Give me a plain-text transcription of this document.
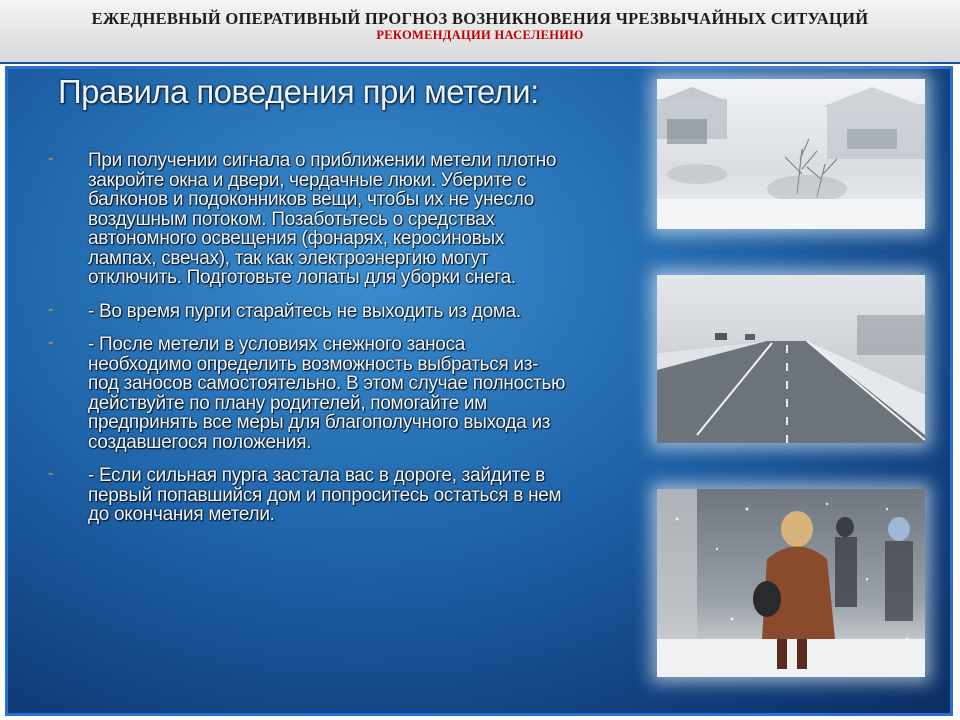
ЕЖЕДНЕВНЫЙ ОПЕРАТИВНЫЙ ПРОГНОЗ ВОЗНИКНОВЕНИЯ ЧРЕЗВЫЧАЙНЫХ СИТУАЦИЙ
РЕКОМЕНДАЦИИ НАСЕЛЕНИЮ
Правила поведения при метели:
- При получении сигнала о приближении метели плотно закройте окна и двери, чердачные люки. Уберите с балконов и подоконников вещи, чтобы их не унесло воздушным потоком. Позаботьтесь о средствах автономного освещения (фонарях, керосиновых лампах, свечах), так как электроэнергию могут отключить. Подготовьте лопаты для уборки снега.
- - Во время пурги старайтесь не выходить из дома.
- - После метели в условиях снежного заноса необходимо определить возможность выбраться из-под заносов самостоятельно. В этом случае полностью действуйте по плану родителей, помогайте им предпринять все меры для благополучного выхода из создавшегося положения.
- - Если сильная пурга застала вас в дороге, зайдите в первый попавшийся дом и попроситесь остаться в нем до окончания метели.
